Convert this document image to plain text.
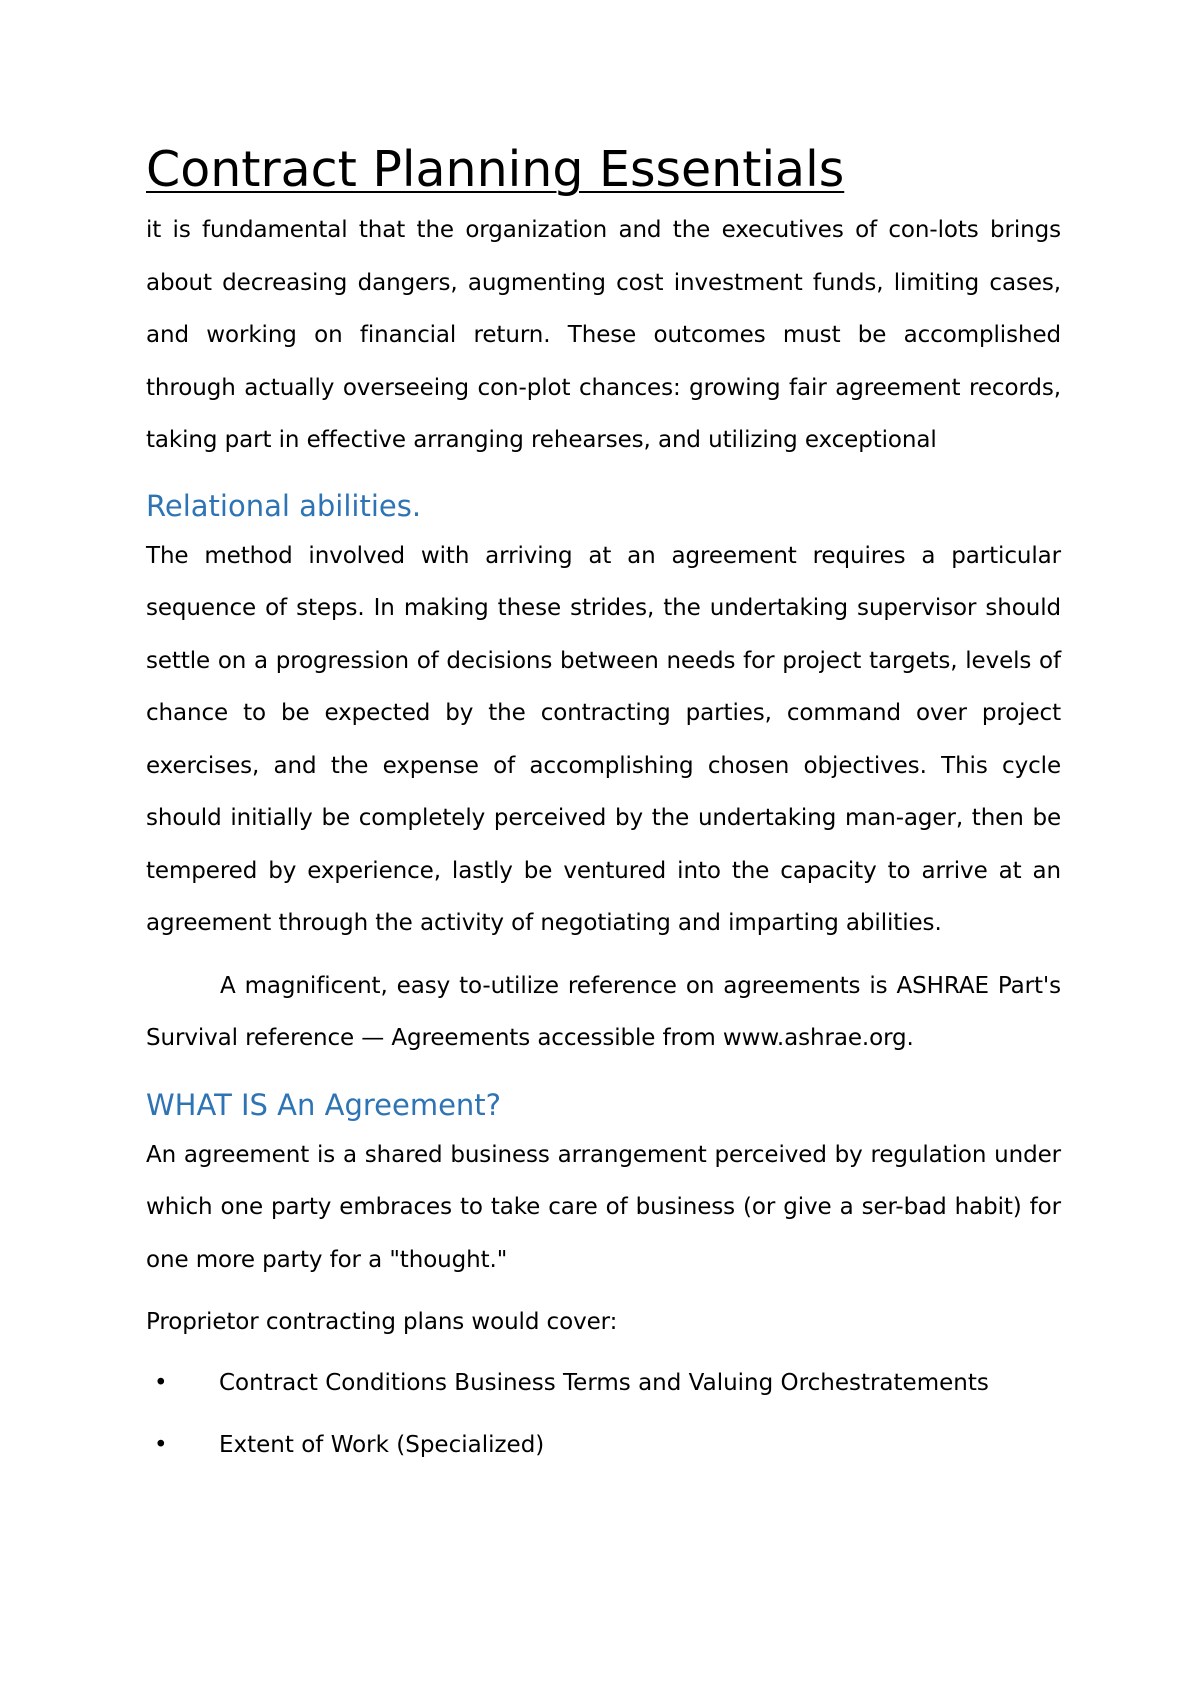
Contract Planning Essentials

it is fundamental that the organization and the executives of con-lots brings about decreasing dangers, augmenting cost investment funds, limiting cases, and working on financial return. These outcomes must be accomplished through actually overseeing con-plot chances: growing fair agreement records, taking part in effective arranging rehearses, and utilizing exceptional

Relational abilities.

The method involved with arriving at an agreement requires a particular sequence of steps. In making these strides, the undertaking supervisor should settle on a progression of decisions between needs for project targets, levels of chance to be expected by the contracting parties, command over project exercises, and the expense of accomplishing chosen objectives. This cycle should initially be completely perceived by the undertaking man-ager, then be tempered by experience, lastly be ventured into the capacity to arrive at an agreement through the activity of negotiating and imparting abilities.

A magnificent, easy to-utilize reference on agreements is ASHRAE Part's Survival reference — Agreements accessible from www.ashrae.org.

WHAT IS An Agreement?

An agreement is a shared business arrangement perceived by regulation under which one party embraces to take care of business (or give a ser-bad habit) for one more party for a "thought."

Proprietor contracting plans would cover:

• Contract Conditions Business Terms and Valuing Orchestratements
• Extent of Work (Specialized)
